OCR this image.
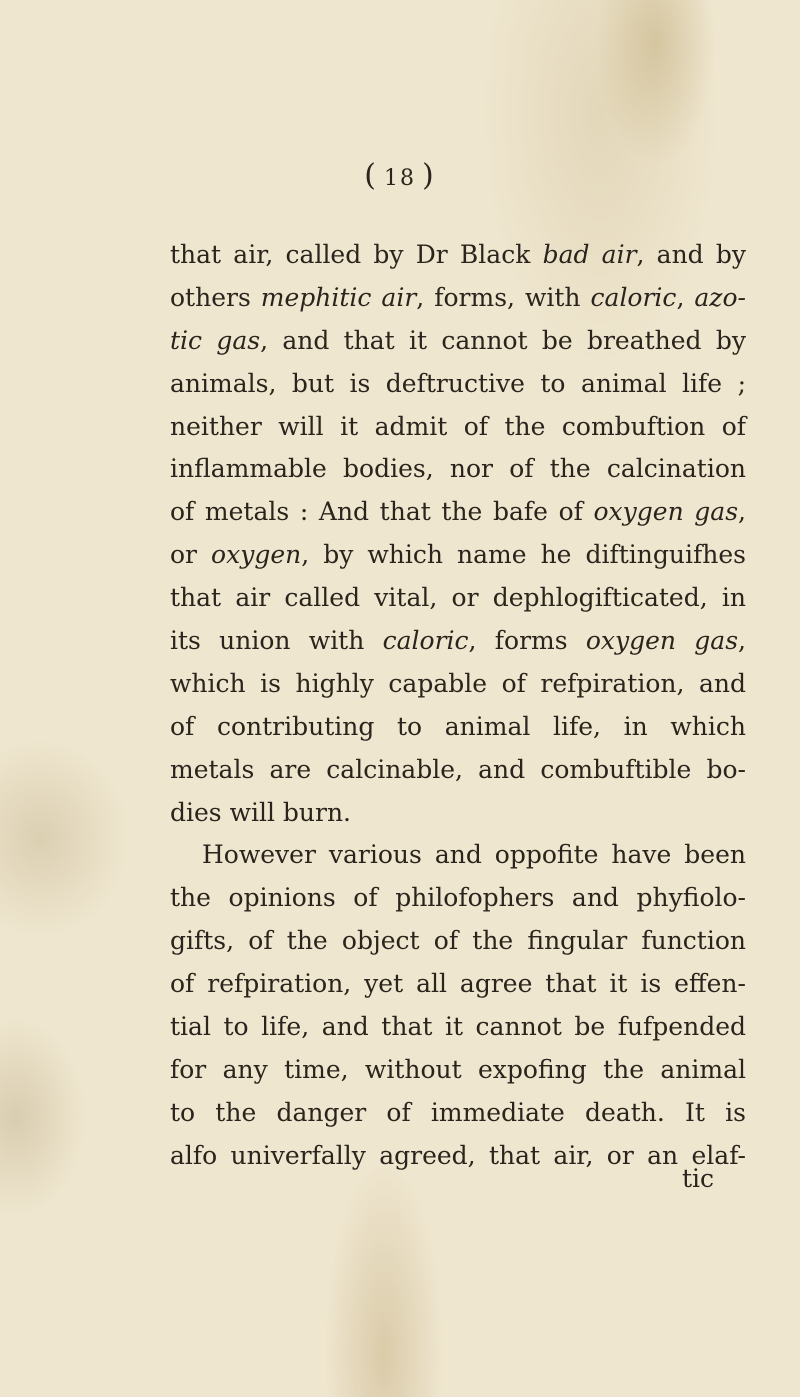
( 18 )
that air, called by Dr Black bad air, and by
others mephitic air, forms, with caloric, azo-
tic gas, and that it cannot be breathed by
animals, but is deftructive to animal life ;
neither will it admit of the combuftion of
inflammable bodies, nor of the calcination
of metals : And that the bafe of oxygen gas,
or oxygen, by which name he diftinguifhes
that air called vital, or dephlogifticated, in
its union with caloric, forms oxygen gas,
which is highly capable of refpiration, and
of contributing to animal life, in which
metals are calcinable, and combuftible bo-
dies will burn.
However various and oppofite have been
the opinions of philofophers and phyfiolo-
gifts, of the object of the fingular function
of refpiration, yet all agree that it is effen-
tial to life, and that it cannot be fufpended
for any time, without expofing the animal
to the danger of immediate death. It is
alfo univerfally agreed, that air, or an elaf-
tic
